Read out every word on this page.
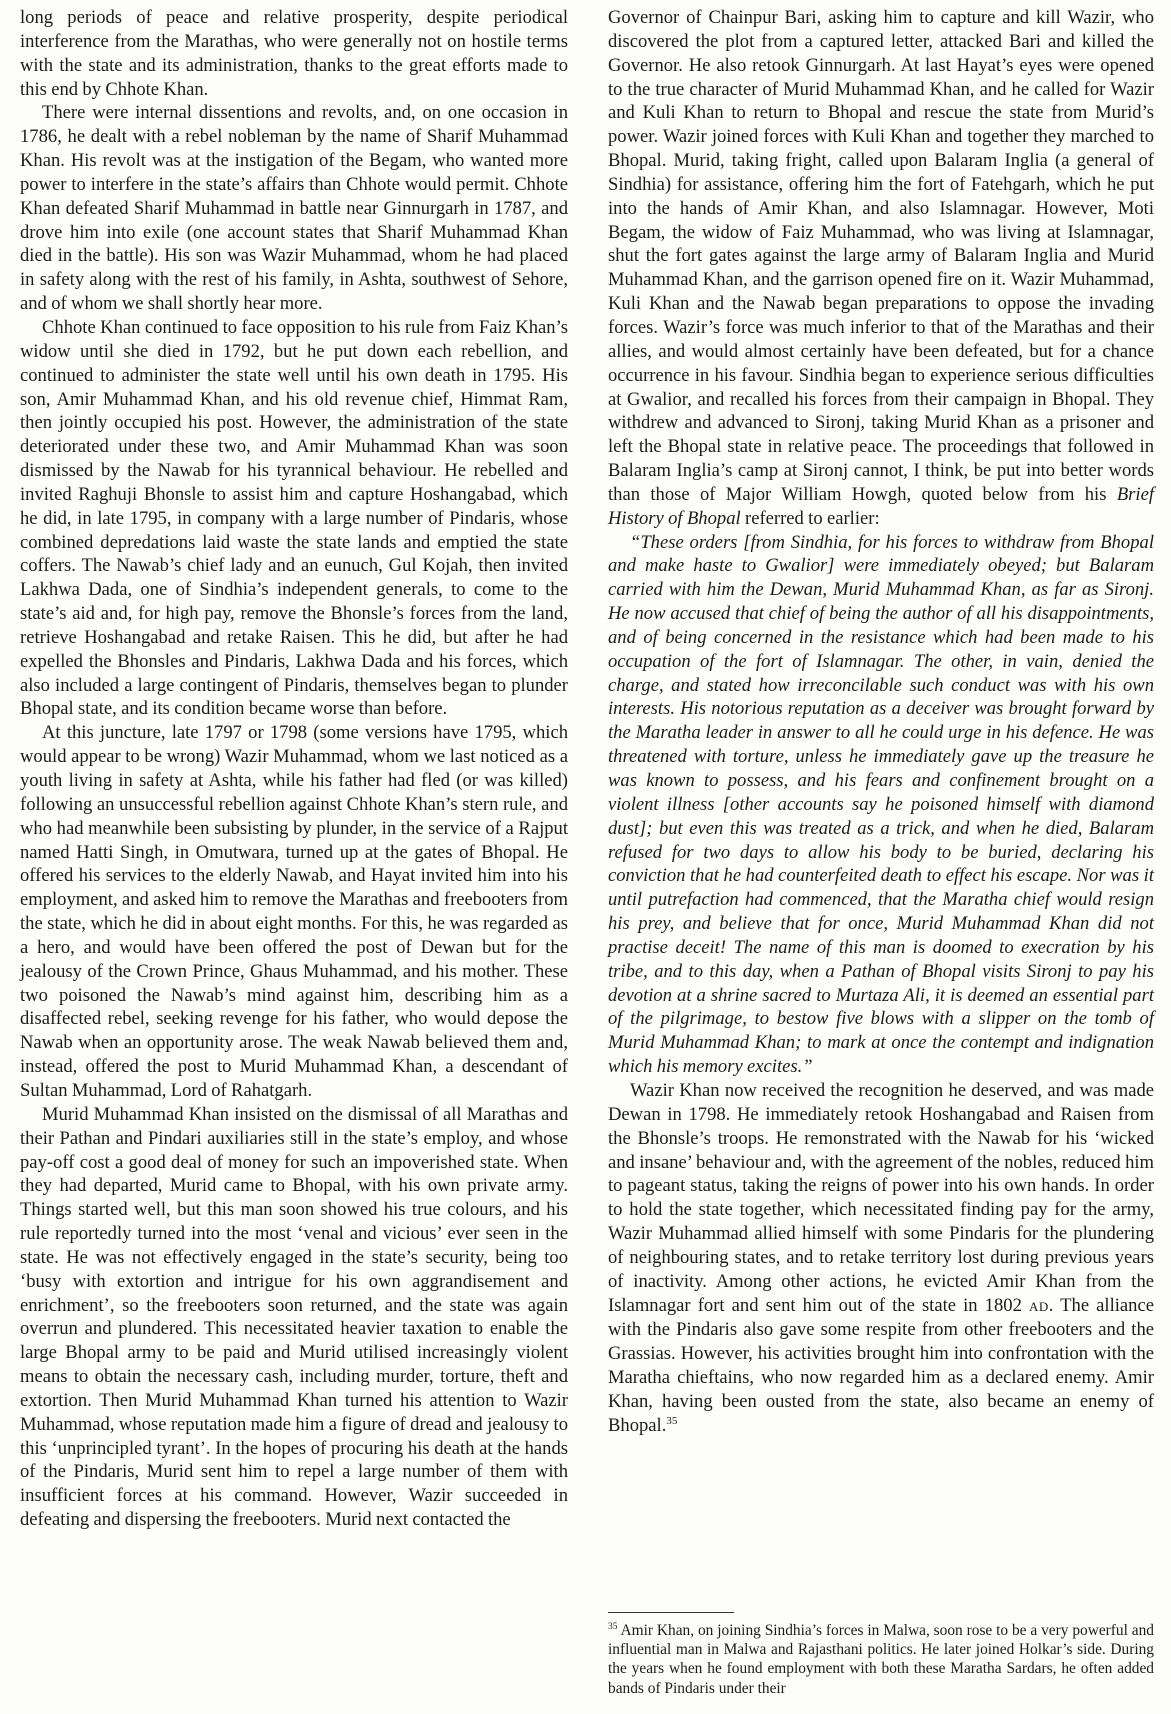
long periods of peace and relative prosperity, despite periodical interference from the Marathas, who were generally not on hostile terms with the state and its administration, thanks to the great efforts made to this end by Chhote Khan.

There were internal dissentions and revolts, and, on one occasion in 1786, he dealt with a rebel nobleman by the name of Sharif Muhammad Khan. His revolt was at the instigation of the Begam, who wanted more power to interfere in the state’s affairs than Chhote would permit. Chhote Khan defeated Sharif Muhammad in battle near Ginnurgarh in 1787, and drove him into exile (one account states that Sharif Muhammad Khan died in the battle). His son was Wazir Muhammad, whom he had placed in safety along with the rest of his family, in Ashta, southwest of Sehore, and of whom we shall shortly hear more.

Chhote Khan continued to face opposition to his rule from Faiz Khan’s widow until she died in 1792, but he put down each rebellion, and continued to administer the state well until his own death in 1795. His son, Amir Muhammad Khan, and his old revenue chief, Himmat Ram, then jointly occupied his post. However, the administration of the state deteriorated under these two, and Amir Muhammad Khan was soon dismissed by the Nawab for his tyrannical behaviour. He rebelled and invited Raghuji Bhonsle to assist him and capture Hoshangabad, which he did, in late 1795, in company with a large number of Pindaris, whose combined depredations laid waste the state lands and emptied the state coffers. The Nawab’s chief lady and an eunuch, Gul Kojah, then invited Lakhwa Dada, one of Sindhia’s independent generals, to come to the state’s aid and, for high pay, remove the Bhonsle’s forces from the land, retrieve Hoshangabad and retake Raisen. This he did, but after he had expelled the Bhonsles and Pindaris, Lakhwa Dada and his forces, which also included a large contingent of Pindaris, themselves began to plunder Bhopal state, and its condition became worse than before.

At this juncture, late 1797 or 1798 (some versions have 1795, which would appear to be wrong) Wazir Muhammad, whom we last noticed as a youth living in safety at Ashta, while his father had fled (or was killed) following an unsuccessful rebellion against Chhote Khan’s stern rule, and who had meanwhile been subsisting by plunder, in the service of a Rajput named Hatti Singh, in Omutwara, turned up at the gates of Bhopal. He offered his services to the elderly Nawab, and Hayat invited him into his employment, and asked him to remove the Marathas and freebooters from the state, which he did in about eight months. For this, he was regarded as a hero, and would have been offered the post of Dewan but for the jealousy of the Crown Prince, Ghaus Muhammad, and his mother. These two poisoned the Nawab’s mind against him, describing him as a disaffected rebel, seeking revenge for his father, who would depose the Nawab when an opportunity arose. The weak Nawab believed them and, instead, offered the post to Murid Muhammad Khan, a descendant of Sultan Muhammad, Lord of Rahatgarh.

Murid Muhammad Khan insisted on the dismissal of all Marathas and their Pathan and Pindari auxiliaries still in the state’s employ, and whose pay-off cost a good deal of money for such an impoverished state. When they had departed, Murid came to Bhopal, with his own private army. Things started well, but this man soon showed his true colours, and his rule reportedly turned into the most ‘venal and vicious’ ever seen in the state. He was not effectively engaged in the state’s security, being too ‘busy with extortion and intrigue for his own aggrandisement and enrichment’, so the freebooters soon returned, and the state was again overrun and plundered. This necessitated heavier taxation to enable the large Bhopal army to be paid and Murid utilised increasingly violent means to obtain the necessary cash, including murder, torture, theft and extortion. Then Murid Muhammad Khan turned his attention to Wazir Muhammad, whose reputation made him a figure of dread and jealousy to this ‘unprincipled tyrant’. In the hopes of procuring his death at the hands of the Pindaris, Murid sent him to repel a large number of them with insufficient forces at his command. However, Wazir succeeded in defeating and dispersing the freebooters. Murid next contacted the

Governor of Chainpur Bari, asking him to capture and kill Wazir, who discovered the plot from a captured letter, attacked Bari and killed the Governor. He also retook Ginnurgarh. At last Hayat’s eyes were opened to the true character of Murid Muhammad Khan, and he called for Wazir and Kuli Khan to return to Bhopal and rescue the state from Murid’s power. Wazir joined forces with Kuli Khan and together they marched to Bhopal. Murid, taking fright, called upon Balaram Inglia (a general of Sindhia) for assistance, offering him the fort of Fatehgarh, which he put into the hands of Amir Khan, and also Islamnagar. However, Moti Begam, the widow of Faiz Muhammad, who was living at Islamnagar, shut the fort gates against the large army of Balaram Inglia and Murid Muhammad Khan, and the garrison opened fire on it. Wazir Muhammad, Kuli Khan and the Nawab began preparations to oppose the invading forces. Wazir’s force was much inferior to that of the Marathas and their allies, and would almost certainly have been defeated, but for a chance occurrence in his favour. Sindhia began to experience serious difficulties at Gwalior, and recalled his forces from their campaign in Bhopal. They withdrew and advanced to Sironj, taking Murid Khan as a prisoner and left the Bhopal state in relative peace. The proceedings that followed in Balaram Inglia’s camp at Sironj cannot, I think, be put into better words than those of Major William Howgh, quoted below from his Brief History of Bhopal referred to earlier:

“These orders [from Sindhia, for his forces to withdraw from Bhopal and make haste to Gwalior] were immediately obeyed; but Balaram carried with him the Dewan, Murid Muhammad Khan, as far as Sironj. He now accused that chief of being the author of all his disappointments, and of being concerned in the resistance which had been made to his occupation of the fort of Islamnagar. The other, in vain, denied the charge, and stated how irreconcilable such conduct was with his own interests. His notorious reputation as a deceiver was brought forward by the Maratha leader in answer to all he could urge in his defence. He was threatened with torture, unless he immediately gave up the treasure he was known to possess, and his fears and confinement brought on a violent illness [other accounts say he poisoned himself with diamond dust]; but even this was treated as a trick, and when he died, Balaram refused for two days to allow his body to be buried, declaring his conviction that he had counterfeited death to effect his escape. Nor was it until putrefaction had commenced, that the Maratha chief would resign his prey, and believe that for once, Murid Muhammad Khan did not practise deceit! The name of this man is doomed to execration by his tribe, and to this day, when a Pathan of Bhopal visits Sironj to pay his devotion at a shrine sacred to Murtaza Ali, it is deemed an essential part of the pilgrimage, to bestow five blows with a slipper on the tomb of Murid Muhammad Khan; to mark at once the contempt and indignation which his memory excites.”

Wazir Khan now received the recognition he deserved, and was made Dewan in 1798. He immediately retook Hoshangabad and Raisen from the Bhonsle’s troops. He remonstrated with the Nawab for his ‘wicked and insane’ behaviour and, with the agreement of the nobles, reduced him to pageant status, taking the reigns of power into his own hands. In order to hold the state together, which necessitated finding pay for the army, Wazir Muhammad allied himself with some Pindaris for the plundering of neighbouring states, and to retake territory lost during previous years of inactivity. Among other actions, he evicted Amir Khan from the Islamnagar fort and sent him out of the state in 1802 AD. The alliance with the Pindaris also gave some respite from other freebooters and the Grassias. However, his activities brought him into confrontation with the Maratha chieftains, who now regarded him as a declared enemy. Amir Khan, having been ousted from the state, also became an enemy of Bhopal.$^{35}$

$^{35}$ Amir Khan, on joining Sindhia’s forces in Malwa, soon rose to be a very powerful and influential man in Malwa and Rajasthani politics. He later joined Holkar’s side. During the years when he found employment with both these Maratha Sardars, he often added bands of Pindaris under their
